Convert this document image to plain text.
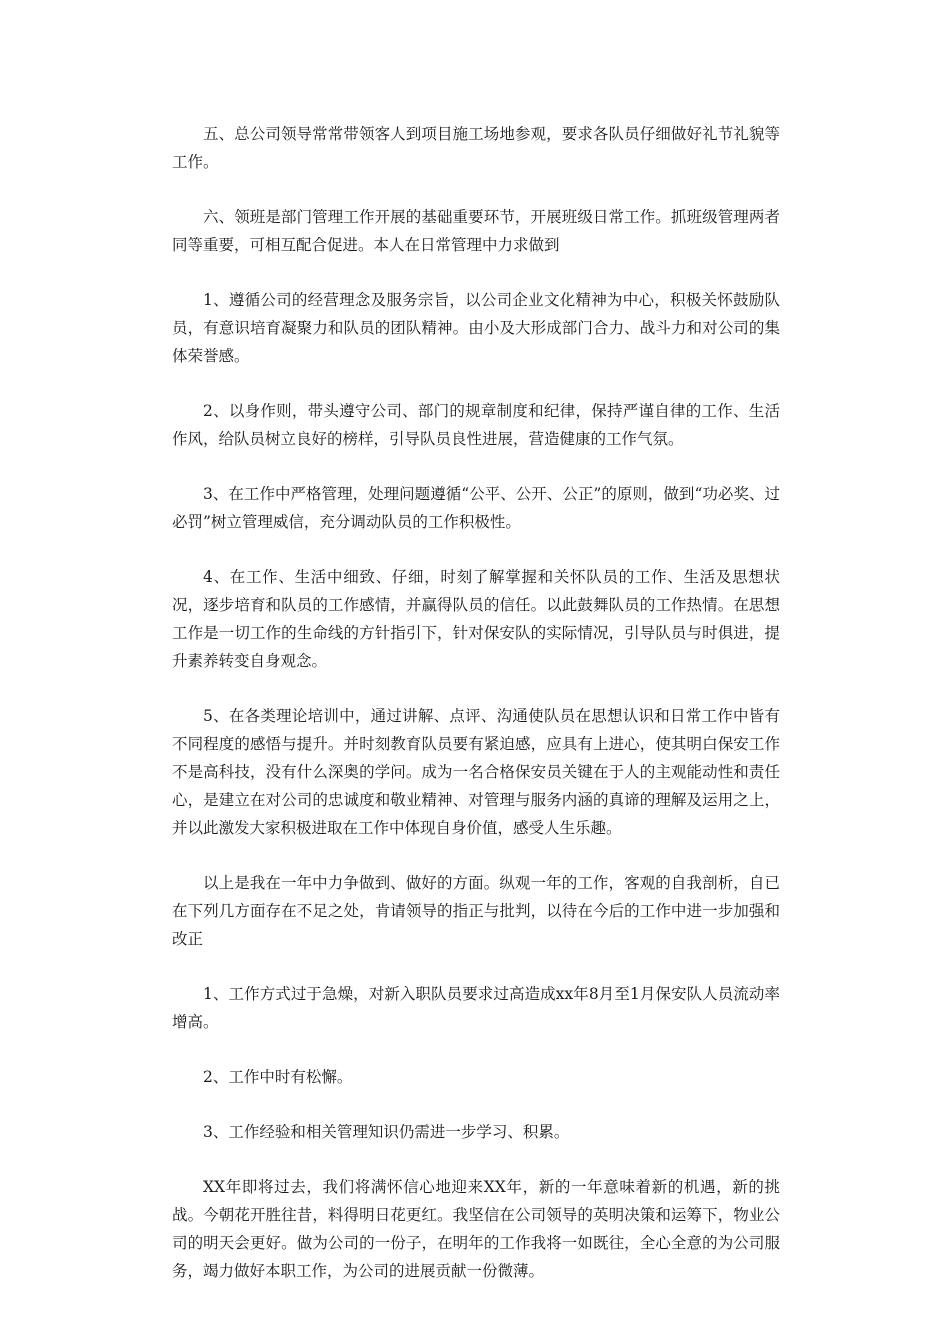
五、总公司领导常常带领客人到项目施工场地参观，要求各队员仔细做好礼节礼貌等工作。

六、领班是部门管理工作开展的基础重要环节，开展班级日常工作。抓班级管理两者同等重要，可相互配合促进。本人在日常管理中力求做到

1、遵循公司的经营理念及服务宗旨，以公司企业文化精神为中心，积极关怀鼓励队员，有意识培育凝聚力和队员的团队精神。由小及大形成部门合力、战斗力和对公司的集体荣誉感。

2、以身作则，带头遵守公司、部门的规章制度和纪律，保持严谨自律的工作、生活作风，给队员树立良好的榜样，引导队员良性进展，营造健康的工作气氛。

3、在工作中严格管理，处理问题遵循“公平、公开、公正”的原则，做到“功必奖、过必罚”树立管理威信，充分调动队员的工作积极性。

4、在工作、生活中细致、仔细，时刻了解掌握和关怀队员的工作、生活及思想状况，逐步培育和队员的工作感情，并赢得队员的信任。以此鼓舞队员的工作热情。在思想工作是一切工作的生命线的方针指引下，针对保安队的实际情况，引导队员与时俱进，提升素养转变自身观念。

5、在各类理论培训中，通过讲解、点评、沟通使队员在思想认识和日常工作中皆有不同程度的感悟与提升。并时刻教育队员要有紧迫感，应具有上进心，使其明白保安工作不是高科技，没有什么深奥的学问。成为一名合格保安员关键在于人的主观能动性和责任心，是建立在对公司的忠诚度和敬业精神、对管理与服务内涵的真谛的理解及运用之上，并以此激发大家积极进取在工作中体现自身价值，感受人生乐趣。

以上是我在一年中力争做到、做好的方面。纵观一年的工作，客观的自我剖析，自已在下列几方面存在不足之处，肯请领导的指正与批判，以待在今后的工作中进一步加强和改正

1、工作方式过于急燥，对新入职队员要求过高造成xx年8月至1月保安队人员流动率增高。

2、工作中时有松懈。

3、工作经验和相关管理知识仍需进一步学习、积累。

XX年即将过去，我们将满怀信心地迎来XX年，新的一年意味着新的机遇，新的挑战。今朝花开胜往昔，料得明日花更红。我坚信在公司领导的英明决策和运筹下，物业公司的明天会更好。做为公司的一份子，在明年的工作我将一如既往，全心全意的为公司服务，竭力做好本职工作，为公司的进展贡献一份微薄。
